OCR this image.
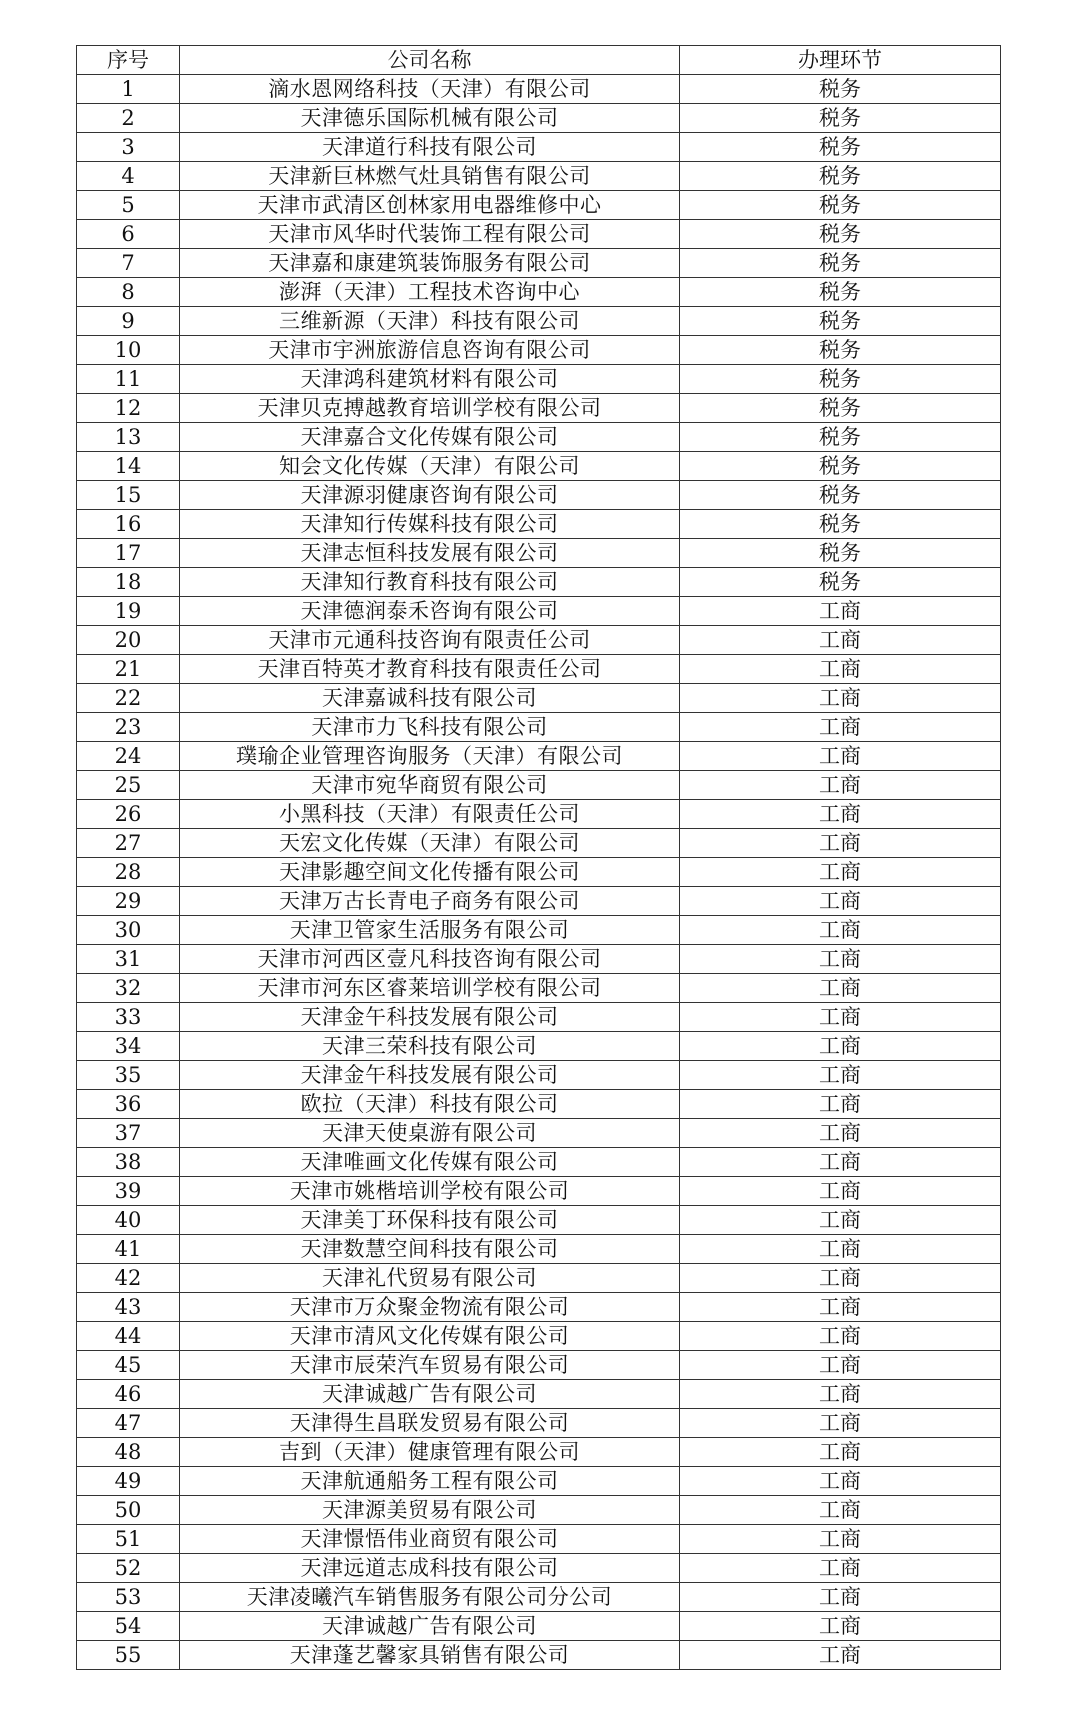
序号	公司名称	办理环节
1	滴水恩网络科技（天津）有限公司	税务
2	天津德乐国际机械有限公司	税务
3	天津道行科技有限公司	税务
4	天津新巨林燃气灶具销售有限公司	税务
5	天津市武清区创林家用电器维修中心	税务
6	天津市风华时代装饰工程有限公司	税务
7	天津嘉和康建筑装饰服务有限公司	税务
8	澎湃（天津）工程技术咨询中心	税务
9	三维新源（天津）科技有限公司	税务
10	天津市宇洲旅游信息咨询有限公司	税务
11	天津鸿科建筑材料有限公司	税务
12	天津贝克搏越教育培训学校有限公司	税务
13	天津嘉合文化传媒有限公司	税务
14	知会文化传媒（天津）有限公司	税务
15	天津源羽健康咨询有限公司	税务
16	天津知行传媒科技有限公司	税务
17	天津志恒科技发展有限公司	税务
18	天津知行教育科技有限公司	税务
19	天津德润泰禾咨询有限公司	工商
20	天津市元通科技咨询有限责任公司	工商
21	天津百特英才教育科技有限责任公司	工商
22	天津嘉诚科技有限公司	工商
23	天津市力飞科技有限公司	工商
24	璞瑜企业管理咨询服务（天津）有限公司	工商
25	天津市宛华商贸有限公司	工商
26	小黑科技（天津）有限责任公司	工商
27	天宏文化传媒（天津）有限公司	工商
28	天津影趣空间文化传播有限公司	工商
29	天津万古长青电子商务有限公司	工商
30	天津卫管家生活服务有限公司	工商
31	天津市河西区壹凡科技咨询有限公司	工商
32	天津市河东区睿莱培训学校有限公司	工商
33	天津金午科技发展有限公司	工商
34	天津三荣科技有限公司	工商
35	天津金午科技发展有限公司	工商
36	欧拉（天津）科技有限公司	工商
37	天津天使桌游有限公司	工商
38	天津唯画文化传媒有限公司	工商
39	天津市姚楷培训学校有限公司	工商
40	天津美丁环保科技有限公司	工商
41	天津数慧空间科技有限公司	工商
42	天津礼代贸易有限公司	工商
43	天津市万众聚金物流有限公司	工商
44	天津市清风文化传媒有限公司	工商
45	天津市辰荣汽车贸易有限公司	工商
46	天津诚越广告有限公司	工商
47	天津得生昌联发贸易有限公司	工商
48	吉到（天津）健康管理有限公司	工商
49	天津航通船务工程有限公司	工商
50	天津源美贸易有限公司	工商
51	天津憬悟伟业商贸有限公司	工商
52	天津远道志成科技有限公司	工商
53	天津凌曦汽车销售服务有限公司分公司	工商
54	天津诚越广告有限公司	工商
55	天津蓬艺馨家具销售有限公司	工商
